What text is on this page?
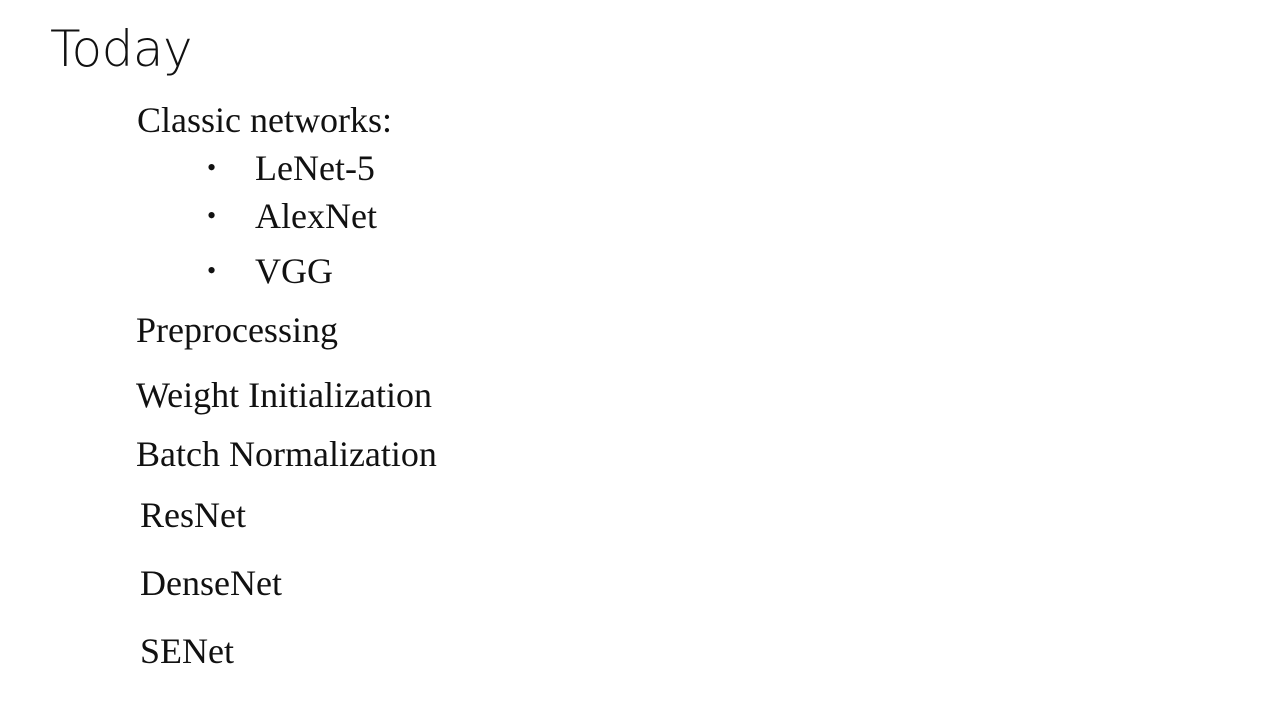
Today
Classic networks:
• LeNet-5
• AlexNet
• VGG
Preprocessing
Weight Initialization
Batch Normalization
ResNet
DenseNet
SENet
